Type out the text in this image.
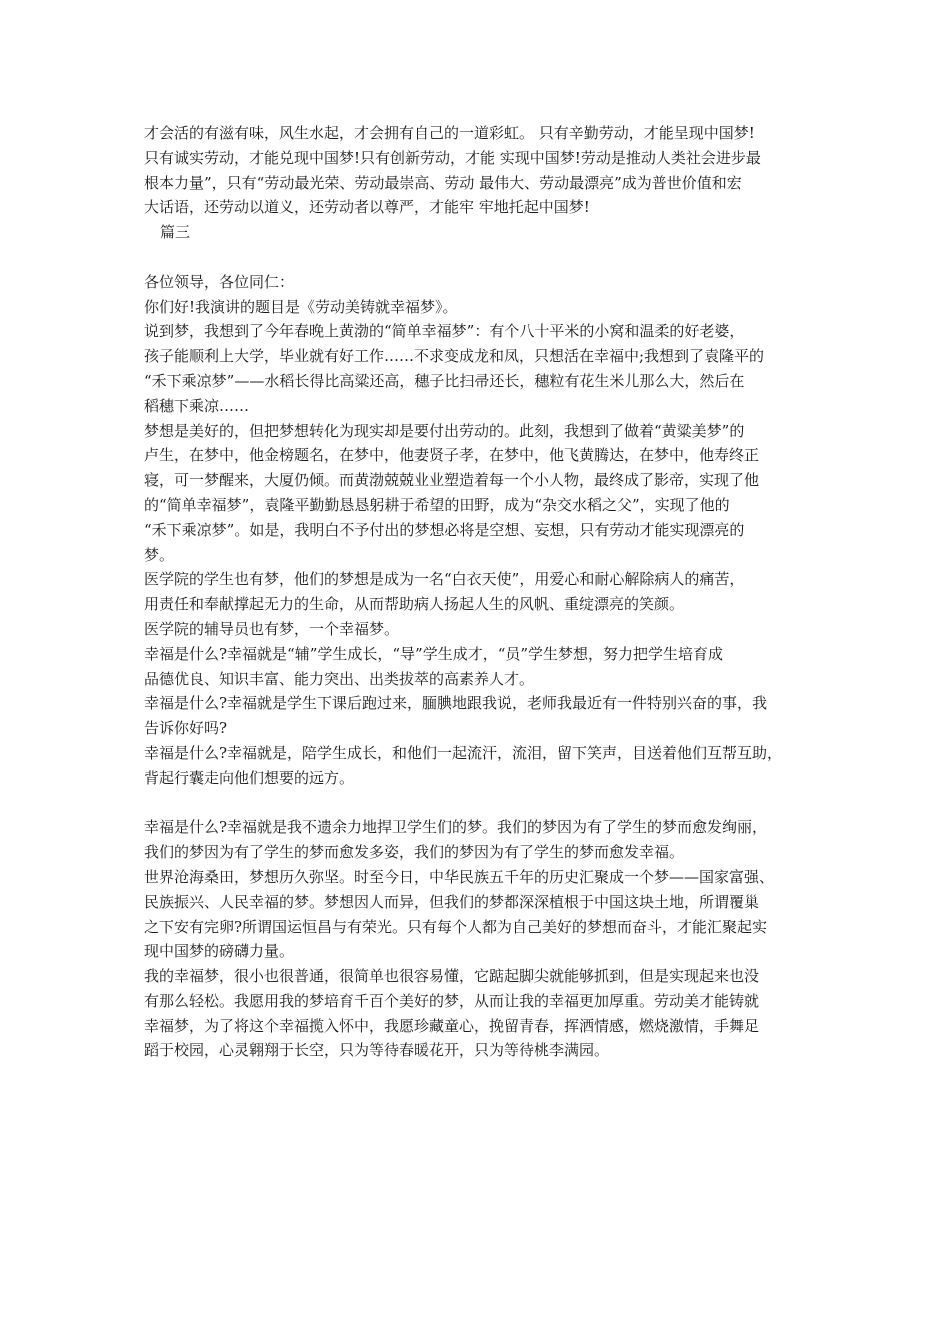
才会活的有滋有味，风生水起，才会拥有自己的一道彩虹。 只有辛勤劳动，才能呈现中国梦!
只有诚实劳动，才能兑现中国梦!只有创新劳动，才能 实现中国梦!劳动是推动人类社会进步最
根本力量”，只有“劳动最光荣、劳动最崇高、劳动 最伟大、劳动最漂亮”成为普世价值和宏
大话语，还劳动以道义，还劳动者以尊严，才能牢 牢地托起中国梦!
篇三
各位领导，各位同仁：
你们好!我演讲的题目是《劳动美铸就幸福梦》。
说到梦，我想到了今年春晚上黄渤的“简单幸福梦”：有个八十平米的小窝和温柔的好老婆，
孩子能顺利上大学，毕业就有好工作……不求变成龙和凤，只想活在幸福中;我想到了袁隆平的
“禾下乘凉梦”——水稻长得比高粱还高，穗子比扫帚还长，穗粒有花生米儿那么大，然后在
稻穗下乘凉……
梦想是美好的，但把梦想转化为现实却是要付出劳动的。此刻，我想到了做着“黄粱美梦”的
卢生，在梦中，他金榜题名，在梦中，他妻贤子孝，在梦中，他飞黄腾达，在梦中，他寿终正
寝，可一梦醒来，大厦仍倾。而黄渤兢兢业业塑造着每一个小人物，最终成了影帝，实现了他
的“简单幸福梦”，袁隆平勤勤恳恳躬耕于希望的田野，成为“杂交水稻之父”，实现了他的
“禾下乘凉梦”。如是，我明白不予付出的梦想必将是空想、妄想，只有劳动才能实现漂亮的
梦。
医学院的学生也有梦，他们的梦想是成为一名“白衣天使”，用爱心和耐心解除病人的痛苦，
用责任和奉献撑起无力的生命，从而帮助病人扬起人生的风帆、重绽漂亮的笑颜。
医学院的辅导员也有梦，一个幸福梦。
幸福是什么?幸福就是“辅”学生成长，“导”学生成才，“员”学生梦想，努力把学生培育成
品德优良、知识丰富、能力突出、出类拔萃的高素养人才。
幸福是什么?幸福就是学生下课后跑过来，腼腆地跟我说，老师我最近有一件特别兴奋的事，我
告诉你好吗?
幸福是什么?幸福就是，陪学生成长，和他们一起流汗，流泪，留下笑声，目送着他们互帮互助，
背起行囊走向他们想要的远方。
幸福是什么?幸福就是我不遗余力地捍卫学生们的梦。我们的梦因为有了学生的梦而愈发绚丽，
我们的梦因为有了学生的梦而愈发多姿，我们的梦因为有了学生的梦而愈发幸福。
世界沧海桑田，梦想历久弥坚。时至今日，中华民族五千年的历史汇聚成一个梦——国家富强、
民族振兴、人民幸福的梦。梦想因人而异，但我们的梦都深深植根于中国这块土地，所谓覆巢
之下安有完卵?所谓国运恒昌与有荣光。只有每个人都为自己美好的梦想而奋斗，才能汇聚起实
现中国梦的磅礴力量。
我的幸福梦，很小也很普通，很简单也很容易懂，它踮起脚尖就能够抓到，但是实现起来也没
有那么轻松。我愿用我的梦培育千百个美好的梦，从而让我的幸福更加厚重。劳动美才能铸就
幸福梦，为了将这个幸福揽入怀中，我愿珍藏童心，挽留青春，挥洒情感，燃烧激情，手舞足
蹈于校园，心灵翱翔于长空，只为等待春暖花开，只为等待桃李满园。
